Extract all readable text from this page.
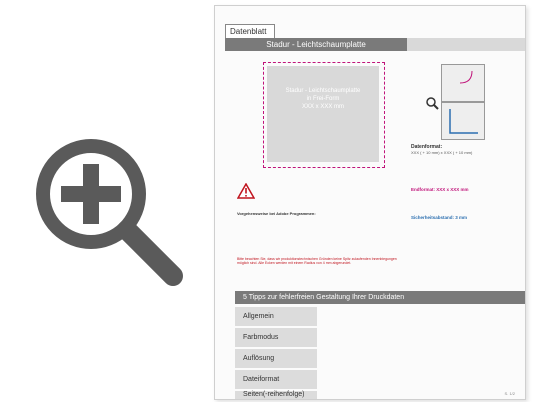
Datenblatt
Stadur - Leichtschaumplatte
Stadur - Leichtschaumplatte
in Frei-Form
XXX x XXX mm
Datenformat:
XXX ( + 10 mm) x XXX ( + 10 mm)
Endformat: XXX x XXX mm
Sicherheitsabstand: 3 mm
Vorgehensweise bei Adobe Programmen:
Bitte beachten Sie, dass wir produktionstechnischen Gründen keine Spitz zulaufenden Innenbiegungen möglich sind. Alle Ecken werden mit einem Radius von 4 mm abgerundet.
5 Tipps zur fehlerfreien Gestaltung Ihrer Druckdaten
Allgemein
Farbmodus
Auflösung
Dateiformat
Seiten(-reihenfolge)	S. 1/2
